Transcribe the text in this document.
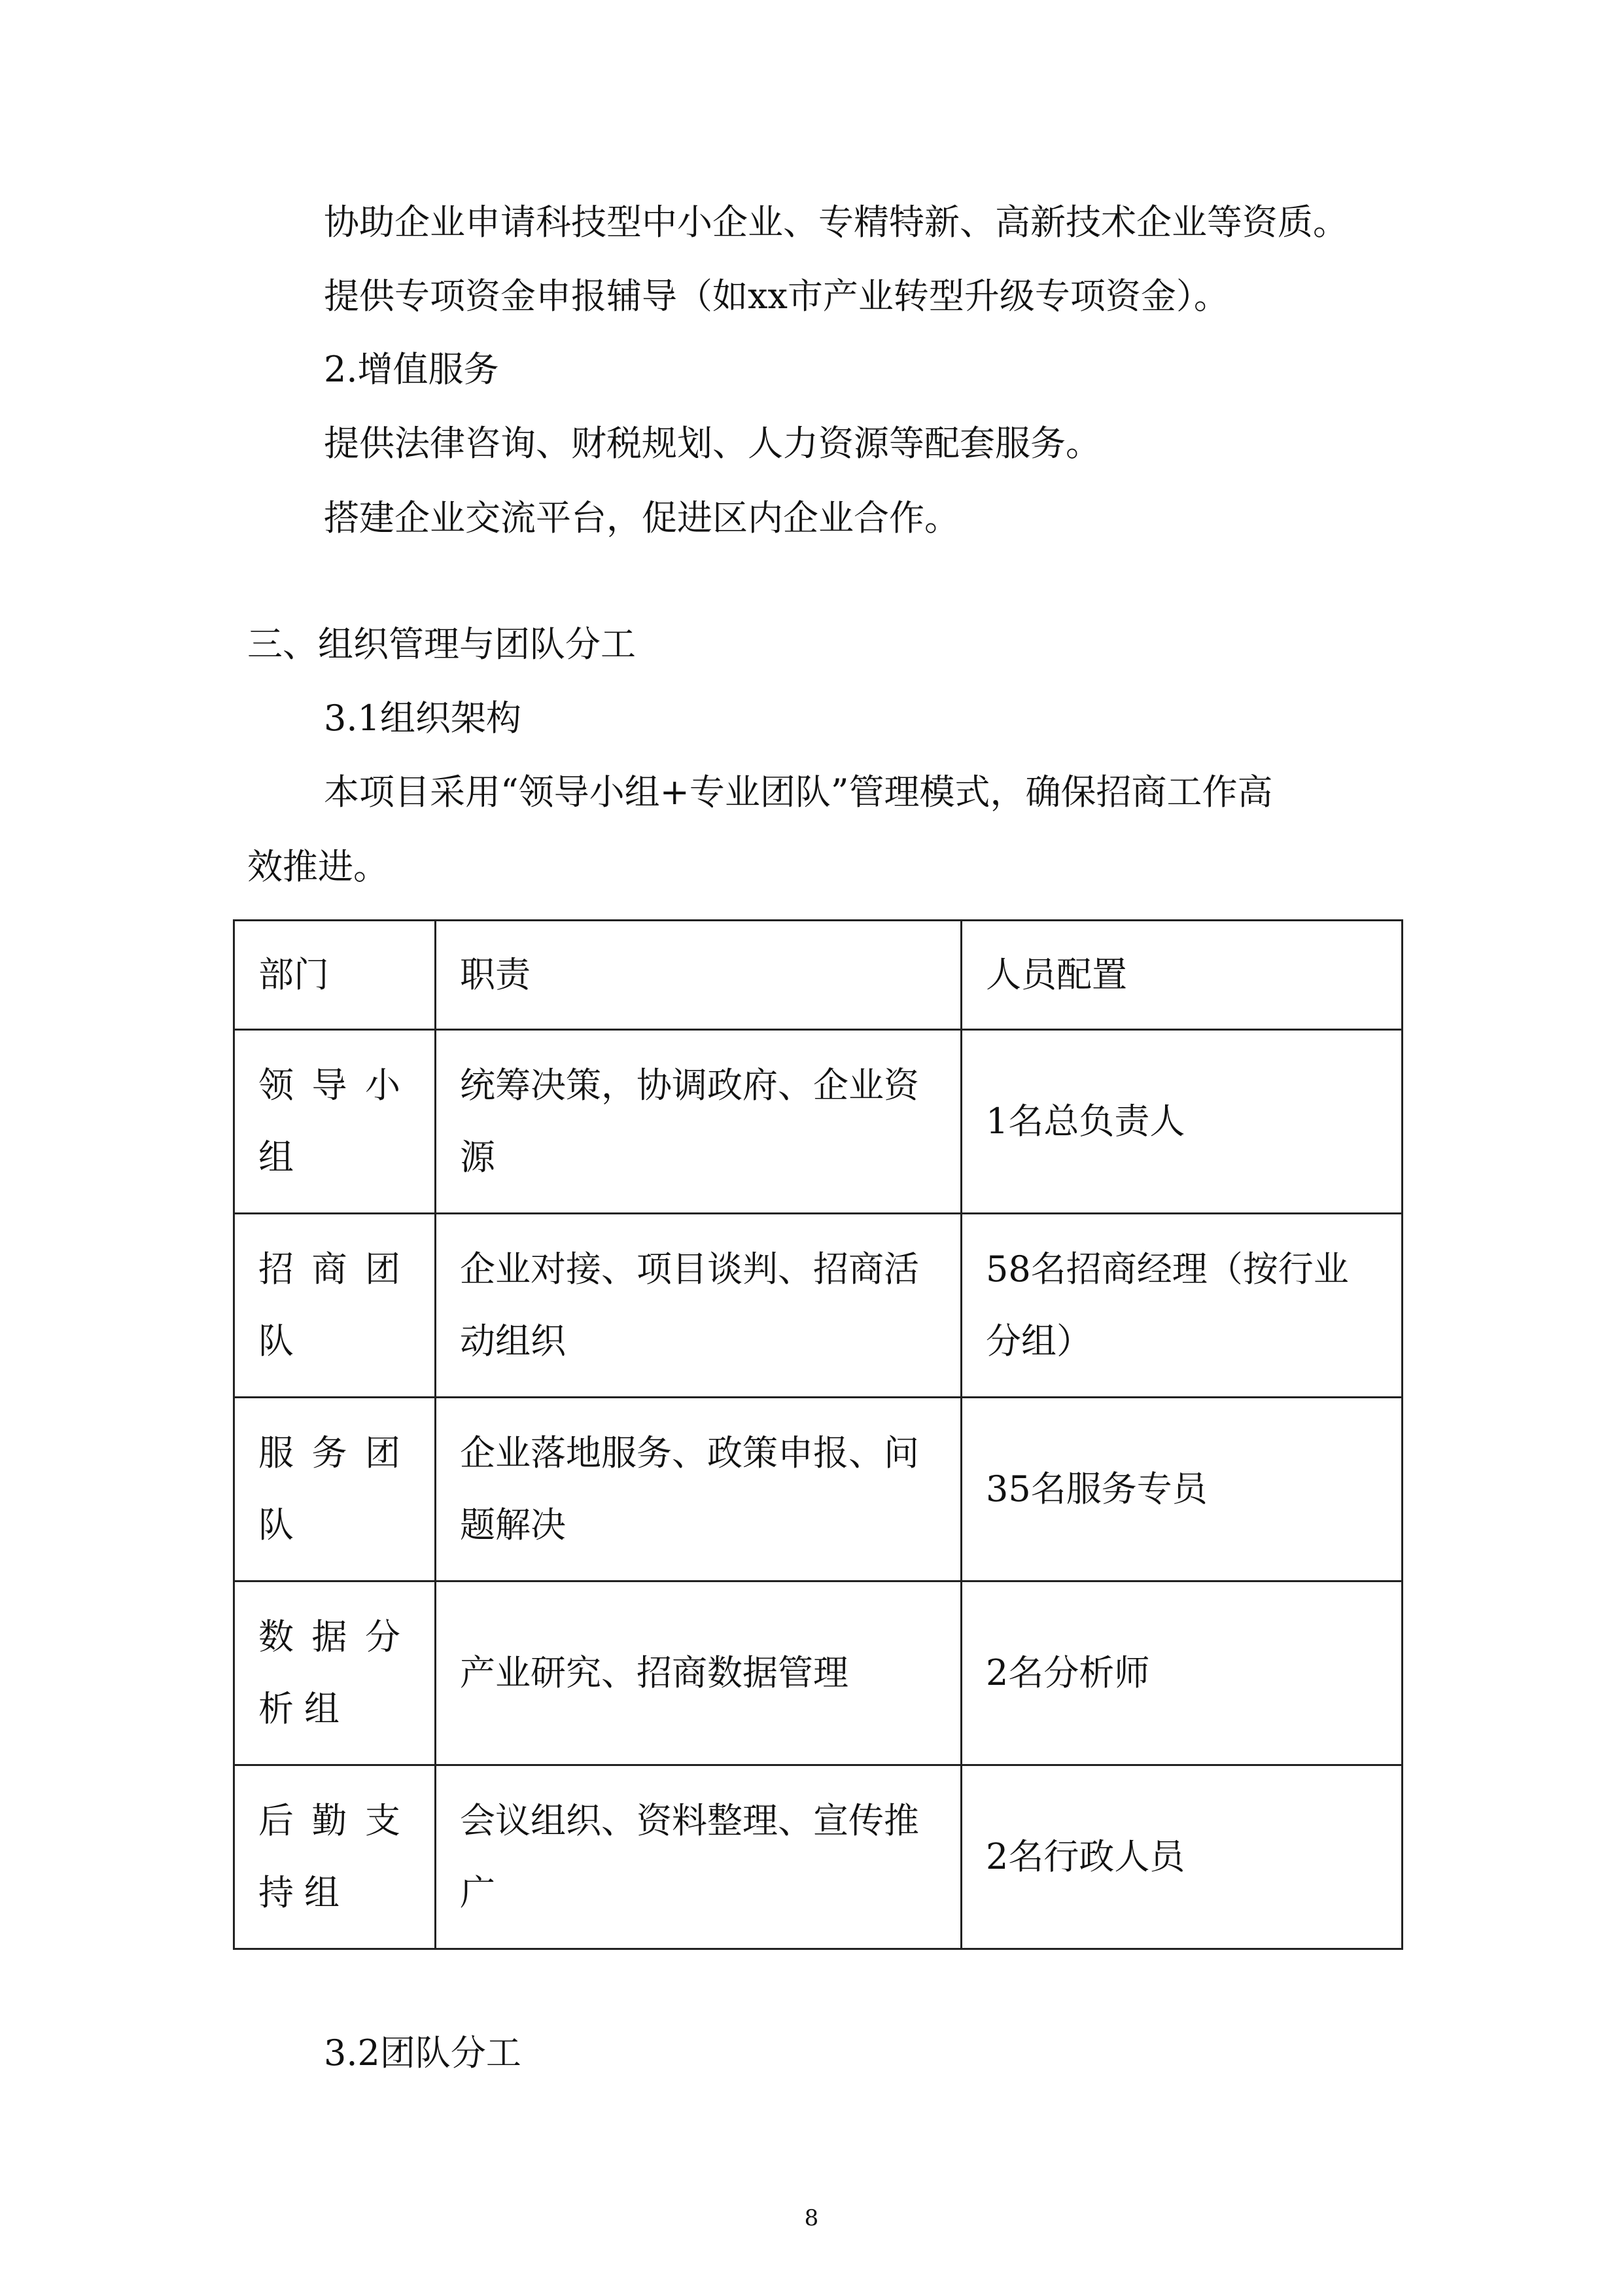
协助企业申请科技型中小企业、专精特新、高新技术企业等资质。

提供专项资金申报辅导（如xx市产业转型升级专项资金）。

2.增值服务

提供法律咨询、财税规划、人力资源等配套服务。

搭建企业交流平台，促进区内企业合作。

三、组织管理与团队分工

3.1组织架构

本项目采用“领导小组+专业团队”管理模式，确保招商工作高

效推进。

部门	职责	人员配置
领导小组	统筹决策，协调政府、企业资源	1名总负责人
招商团队	企业对接、项目谈判、招商活动组织	58名招商经理（按行业分组）
服务团队	企业落地服务、政策申报、问题解决	35名服务专员
数据分析组	产业研究、招商数据管理	2名分析师
后勤支持组	会议组织、资料整理、宣传推广	2名行政人员

3.2团队分工

8
